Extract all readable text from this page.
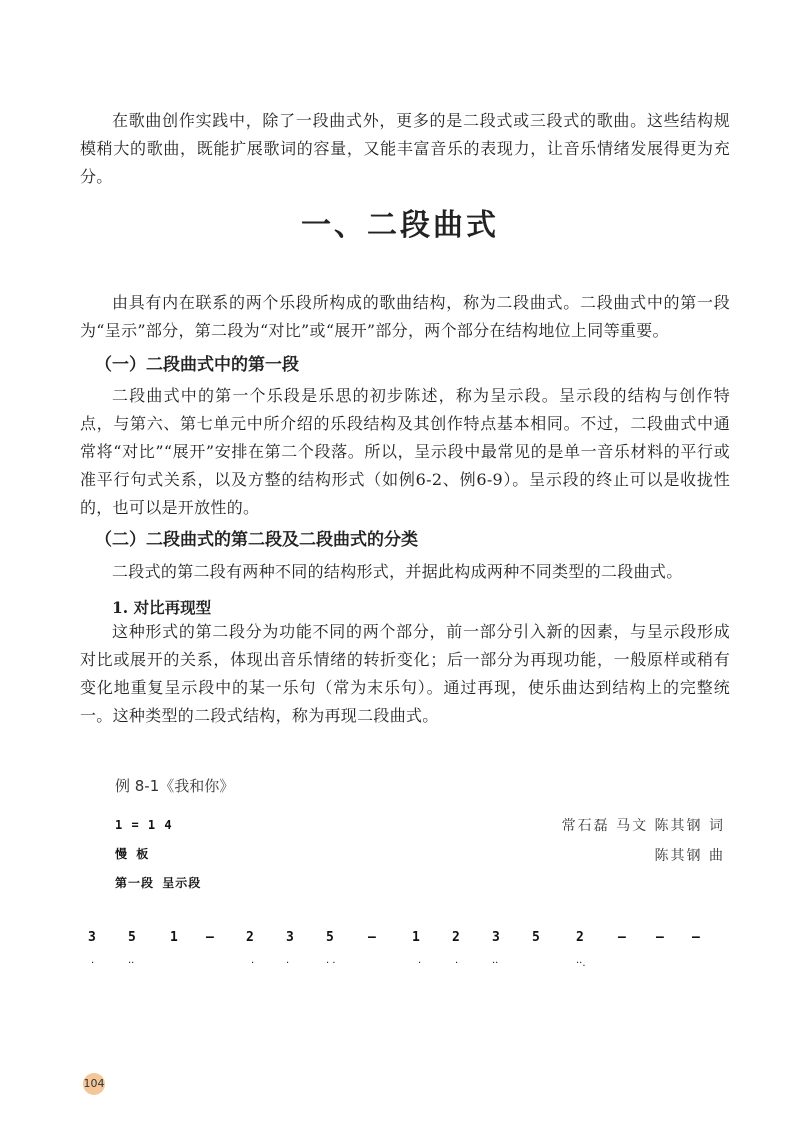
在歌曲创作实践中，除了一段曲式外，更多的是二段式或三段式的歌曲。这些结构规模稍大的歌曲，既能扩展歌词的容量，又能丰富音乐的表现力，让音乐情绪发展得更为充分。

一、二段曲式

由具有内在联系的两个乐段所构成的歌曲结构，称为二段曲式。二段曲式中的第一段为“呈示”部分，第二段为“对比”或“展开”部分，两个部分在结构地位上同等重要。

（一）二段曲式中的第一段

二段曲式中的第一个乐段是乐思的初步陈述，称为呈示段。呈示段的结构与创作特点，与第六、第七单元中所介绍的乐段结构及其创作特点基本相同。不过，二段曲式中通常将“对比”“展开”安排在第二个段落。所以，呈示段中最常见的是单一音乐材料的平行或准平行句式关系，以及方整的结构形式（如例6-2、例6-9）。呈示段的终止可以是收拢性的，也可以是开放性的。

（二）二段曲式的第二段及二段曲式的分类

二段式的第二段有两种不同的结构形式，并据此构成两种不同类型的二段曲式。

1. 对比再现型

这种形式的第二段分为功能不同的两个部分，前一部分引入新的因素，与呈示段形成对比或展开的关系，体现出音乐情绪的转折变化；后一部分为再现功能，一般原样或稍有变化地重复呈示段中的某一乐句（常为末乐句）。通过再现，使乐曲达到结构上的完整统一。这种类型的二段式结构，称为再现二段曲式。

例 8-1《我和你》
常石磊 马文 陈其钢 词
陈其钢 曲
1 = 1 4
慢 板
第一段 呈示段
3 5	1 – 2 3 5	–	1 2 3 5	2	– – –
·	··	·	·	· ·	·	·	··	··.
104
